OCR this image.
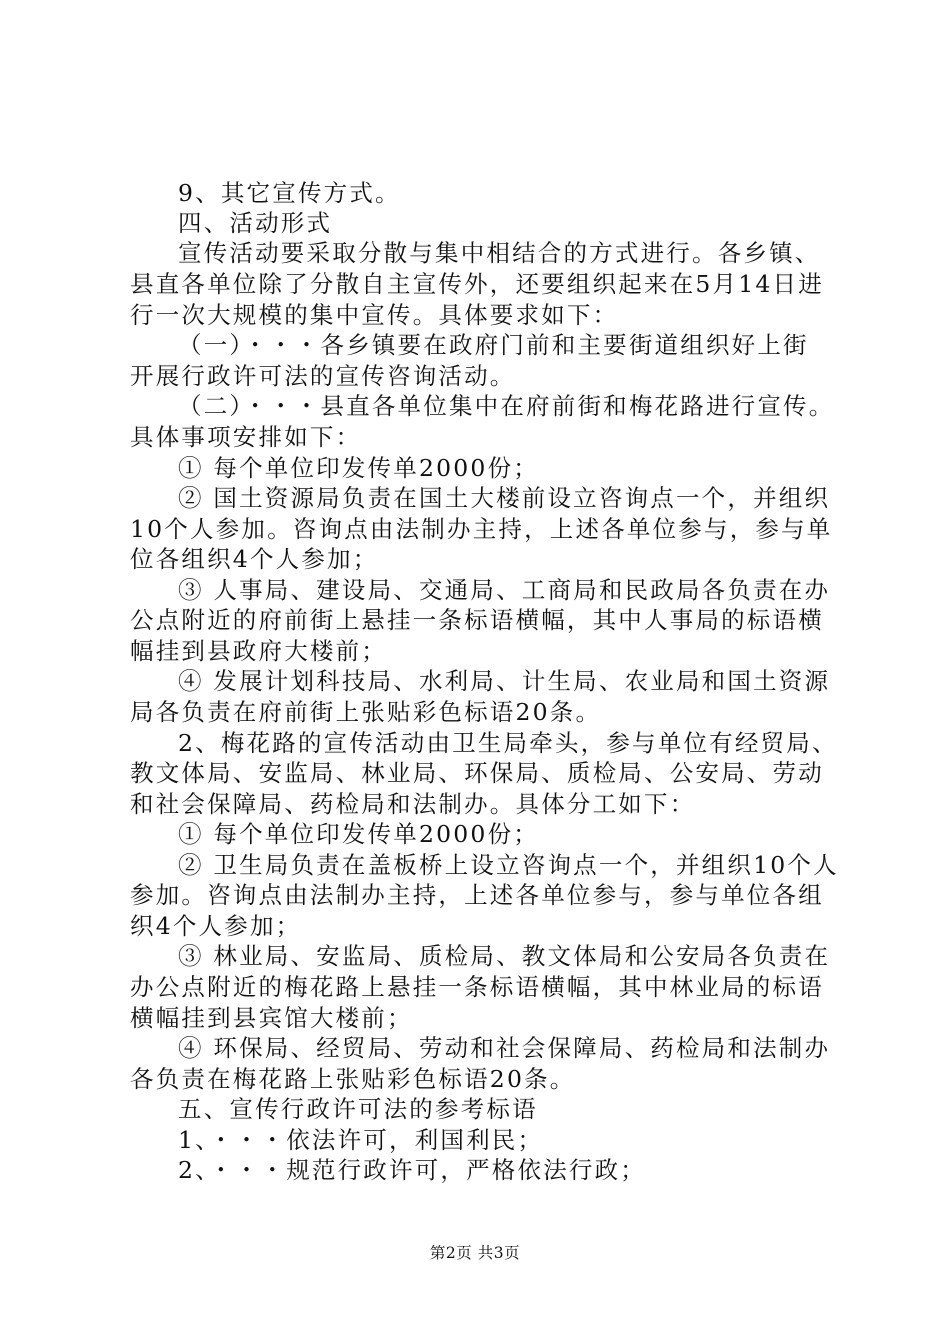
9、其它宣传方式。
四、活动形式
宣传活动要采取分散与集中相结合的方式进行。各乡镇、
县直各单位除了分散自主宣传外，还要组织起来在5月14日进
行一次大规模的集中宣传。具体要求如下：
（一）・・・各乡镇要在政府门前和主要街道组织好上街
开展行政许可法的宣传咨询活动。
（二）・・・县直各单位集中在府前街和梅花路进行宣传。
具体事项安排如下：
① 每个单位印发传单2000份；
② 国土资源局负责在国土大楼前设立咨询点一个，并组织
10个人参加。咨询点由法制办主持，上述各单位参与，参与单
位各组织4个人参加；
③ 人事局、建设局、交通局、工商局和民政局各负责在办
公点附近的府前街上悬挂一条标语横幅，其中人事局的标语横
幅挂到县政府大楼前；
④ 发展计划科技局、水利局、计生局、农业局和国土资源
局各负责在府前街上张贴彩色标语20条。
2、梅花路的宣传活动由卫生局牵头，参与单位有经贸局、
教文体局、安监局、林业局、环保局、质检局、公安局、劳动
和社会保障局、药检局和法制办。具体分工如下：
① 每个单位印发传单2000份；
② 卫生局负责在盖板桥上设立咨询点一个，并组织10个人
参加。咨询点由法制办主持，上述各单位参与，参与单位各组
织4个人参加；
③ 林业局、安监局、质检局、教文体局和公安局各负责在
办公点附近的梅花路上悬挂一条标语横幅，其中林业局的标语
横幅挂到县宾馆大楼前；
④ 环保局、经贸局、劳动和社会保障局、药检局和法制办
各负责在梅花路上张贴彩色标语20条。
五、宣传行政许可法的参考标语
1、・・・依法许可，利国利民；
2、・・・规范行政许可，严格依法行政；
第2页 共3页
